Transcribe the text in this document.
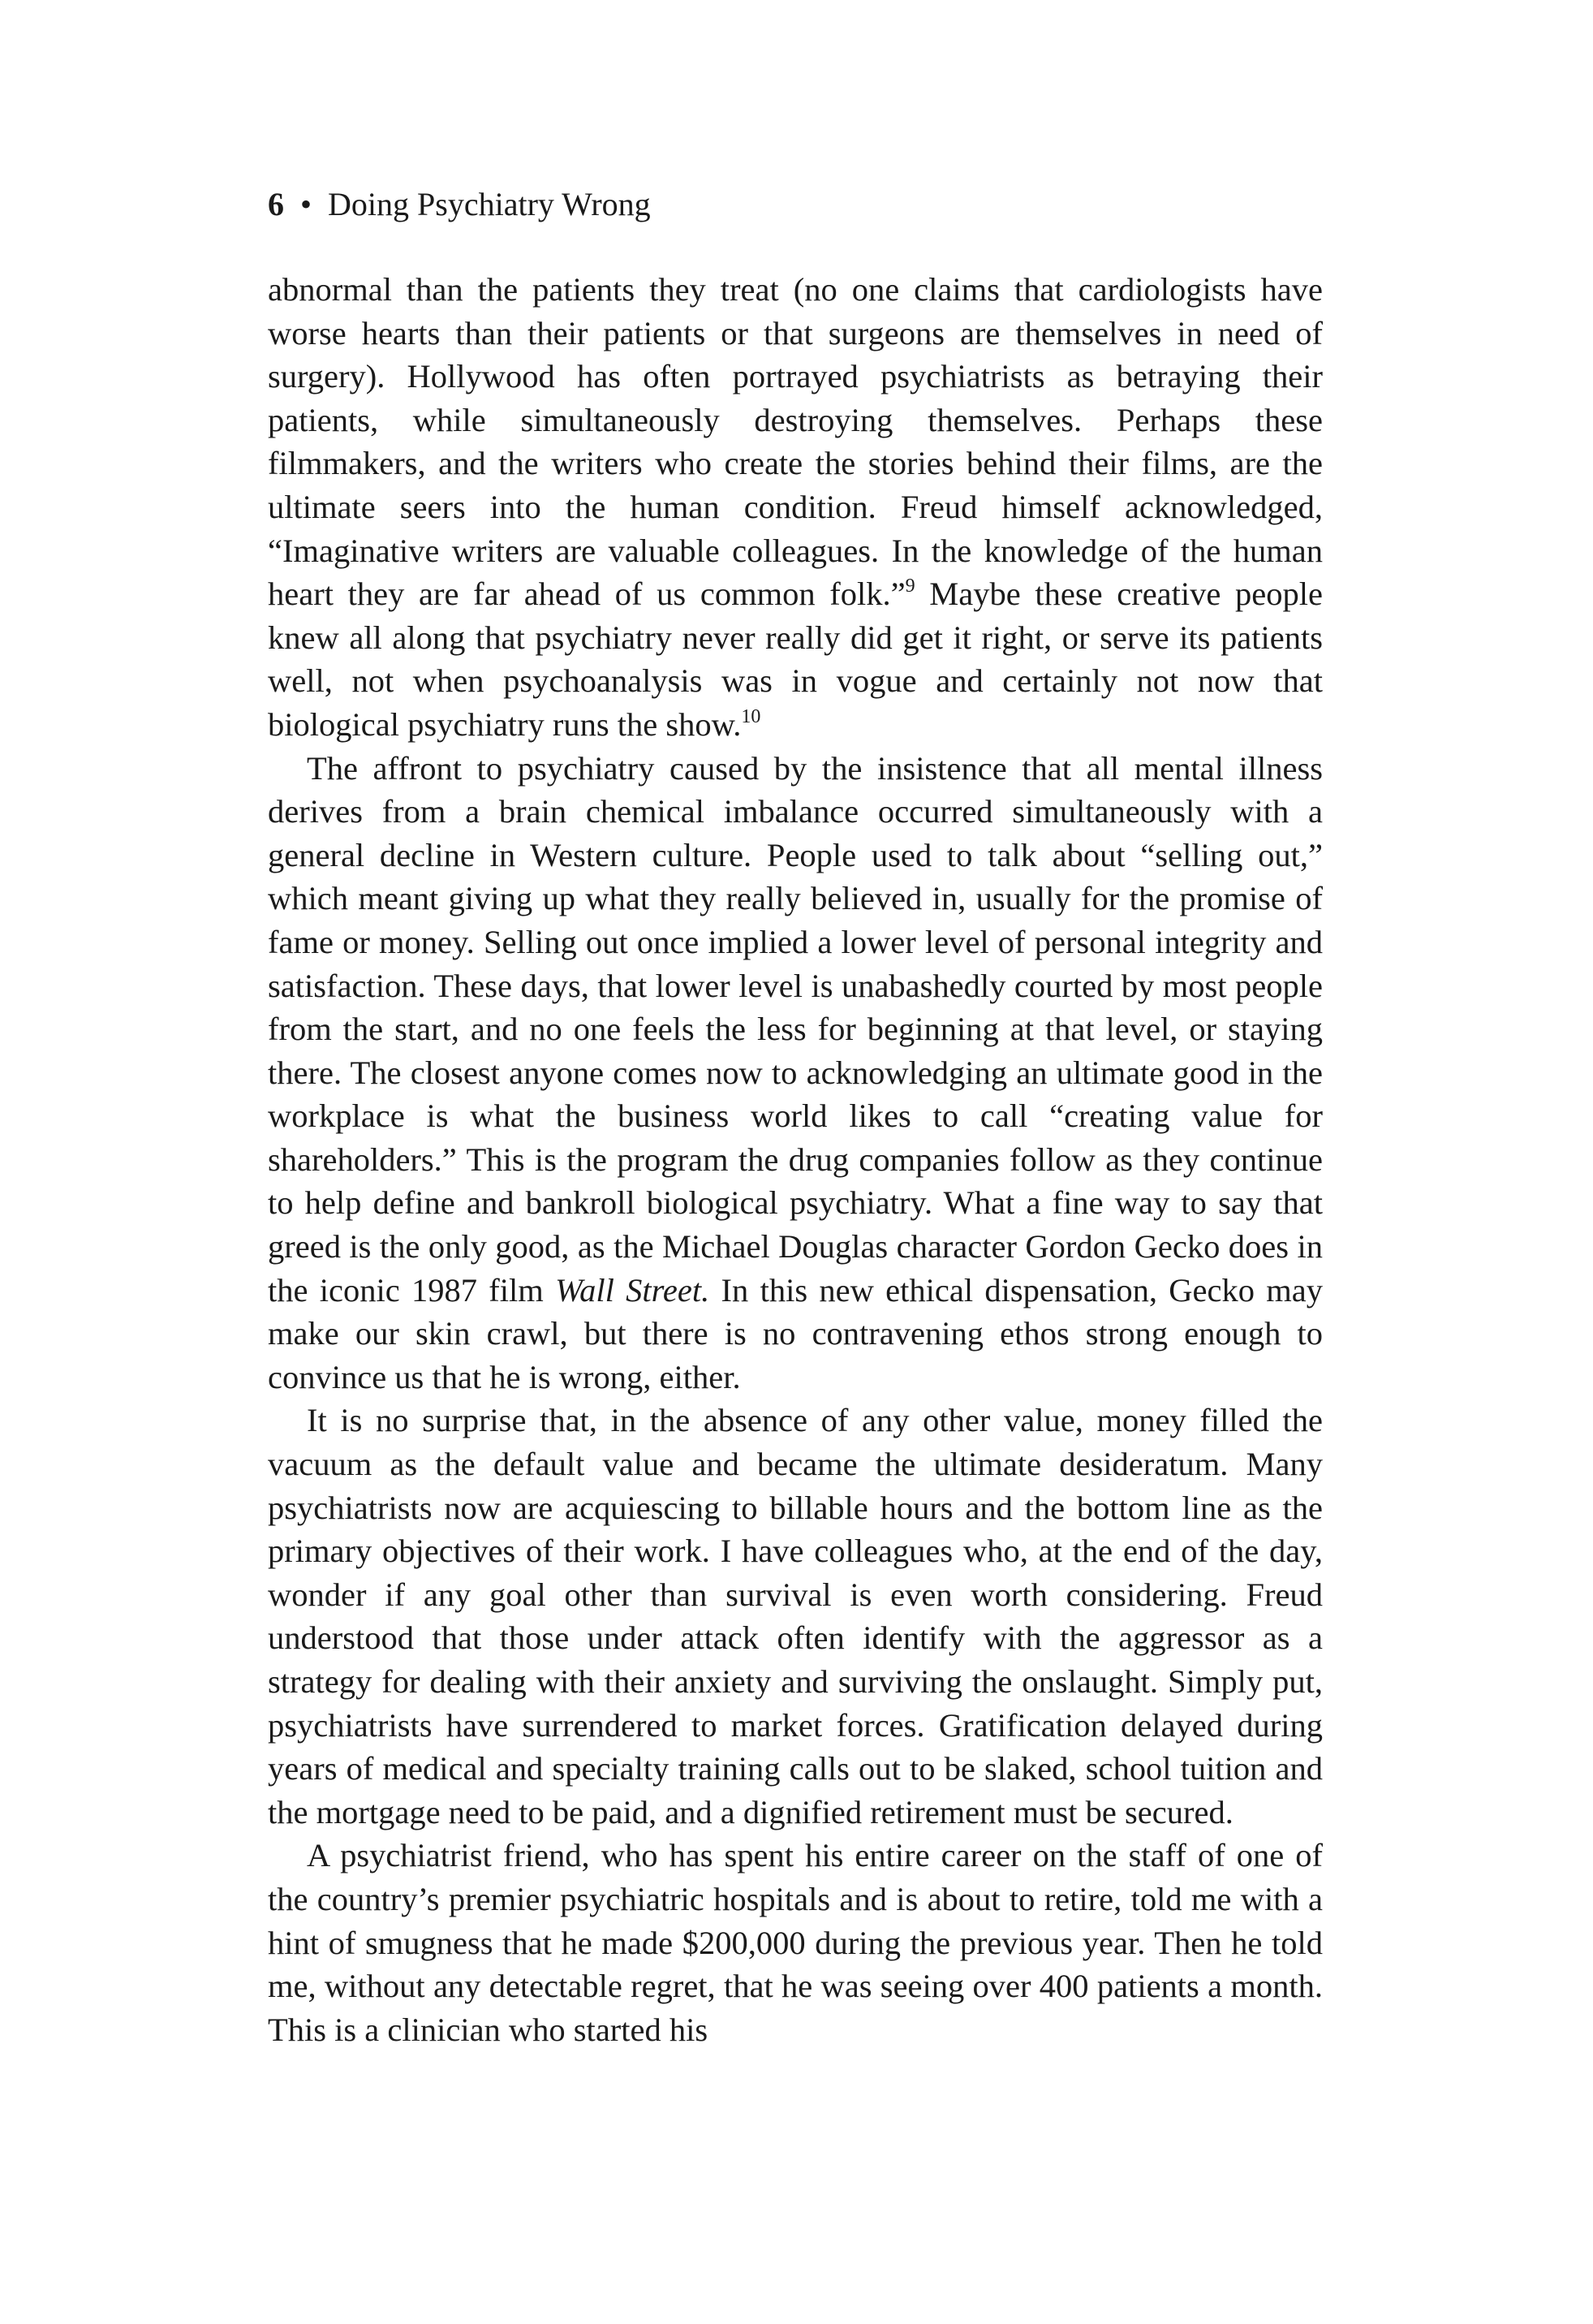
6 • Doing Psychiatry Wrong

abnormal than the patients they treat (no one claims that cardiologists have worse hearts than their patients or that surgeons are themselves in need of surgery). Hollywood has often portrayed psychiatrists as betraying their patients, while simultaneously destroying themselves. Perhaps these filmmakers, and the writers who create the stories behind their films, are the ultimate seers into the human condition. Freud himself acknowledged, “Imaginative writers are valuable colleagues. In the knowledge of the human heart they are far ahead of us common folk.”$^9$ Maybe these creative people knew all along that psychiatry never really did get it right, or serve its patients well, not when psychoanalysis was in vogue and certainly not now that biological psychiatry runs the show.$^{10}$

The affront to psychiatry caused by the insistence that all mental illness derives from a brain chemical imbalance occurred simultaneously with a general decline in Western culture. People used to talk about “selling out,” which meant giving up what they really believed in, usually for the promise of fame or money. Selling out once implied a lower level of personal integrity and satisfaction. These days, that lower level is unabashedly courted by most people from the start, and no one feels the less for beginning at that level, or staying there. The closest anyone comes now to acknowledging an ultimate good in the workplace is what the business world likes to call “creating value for shareholders.” This is the program the drug companies follow as they continue to help define and bankroll biological psychiatry. What a fine way to say that greed is the only good, as the Michael Douglas character Gordon Gecko does in the iconic 1987 film Wall Street. In this new ethical dispensation, Gecko may make our skin crawl, but there is no contravening ethos strong enough to convince us that he is wrong, either.

It is no surprise that, in the absence of any other value, money filled the vacuum as the default value and became the ultimate desideratum. Many psychiatrists now are acquiescing to billable hours and the bottom line as the primary objectives of their work. I have colleagues who, at the end of the day, wonder if any goal other than survival is even worth considering. Freud understood that those under attack often identify with the aggressor as a strategy for dealing with their anxiety and surviving the onslaught. Simply put, psychiatrists have surrendered to market forces. Gratification delayed during years of medical and specialty training calls out to be slaked, school tuition and the mortgage need to be paid, and a dignified retirement must be secured.

A psychiatrist friend, who has spent his entire career on the staff of one of the country’s premier psychiatric hospitals and is about to retire, told me with a hint of smugness that he made $200,000 during the previous year. Then he told me, without any detectable regret, that he was seeing over 400 patients a month. This is a clinician who started his
